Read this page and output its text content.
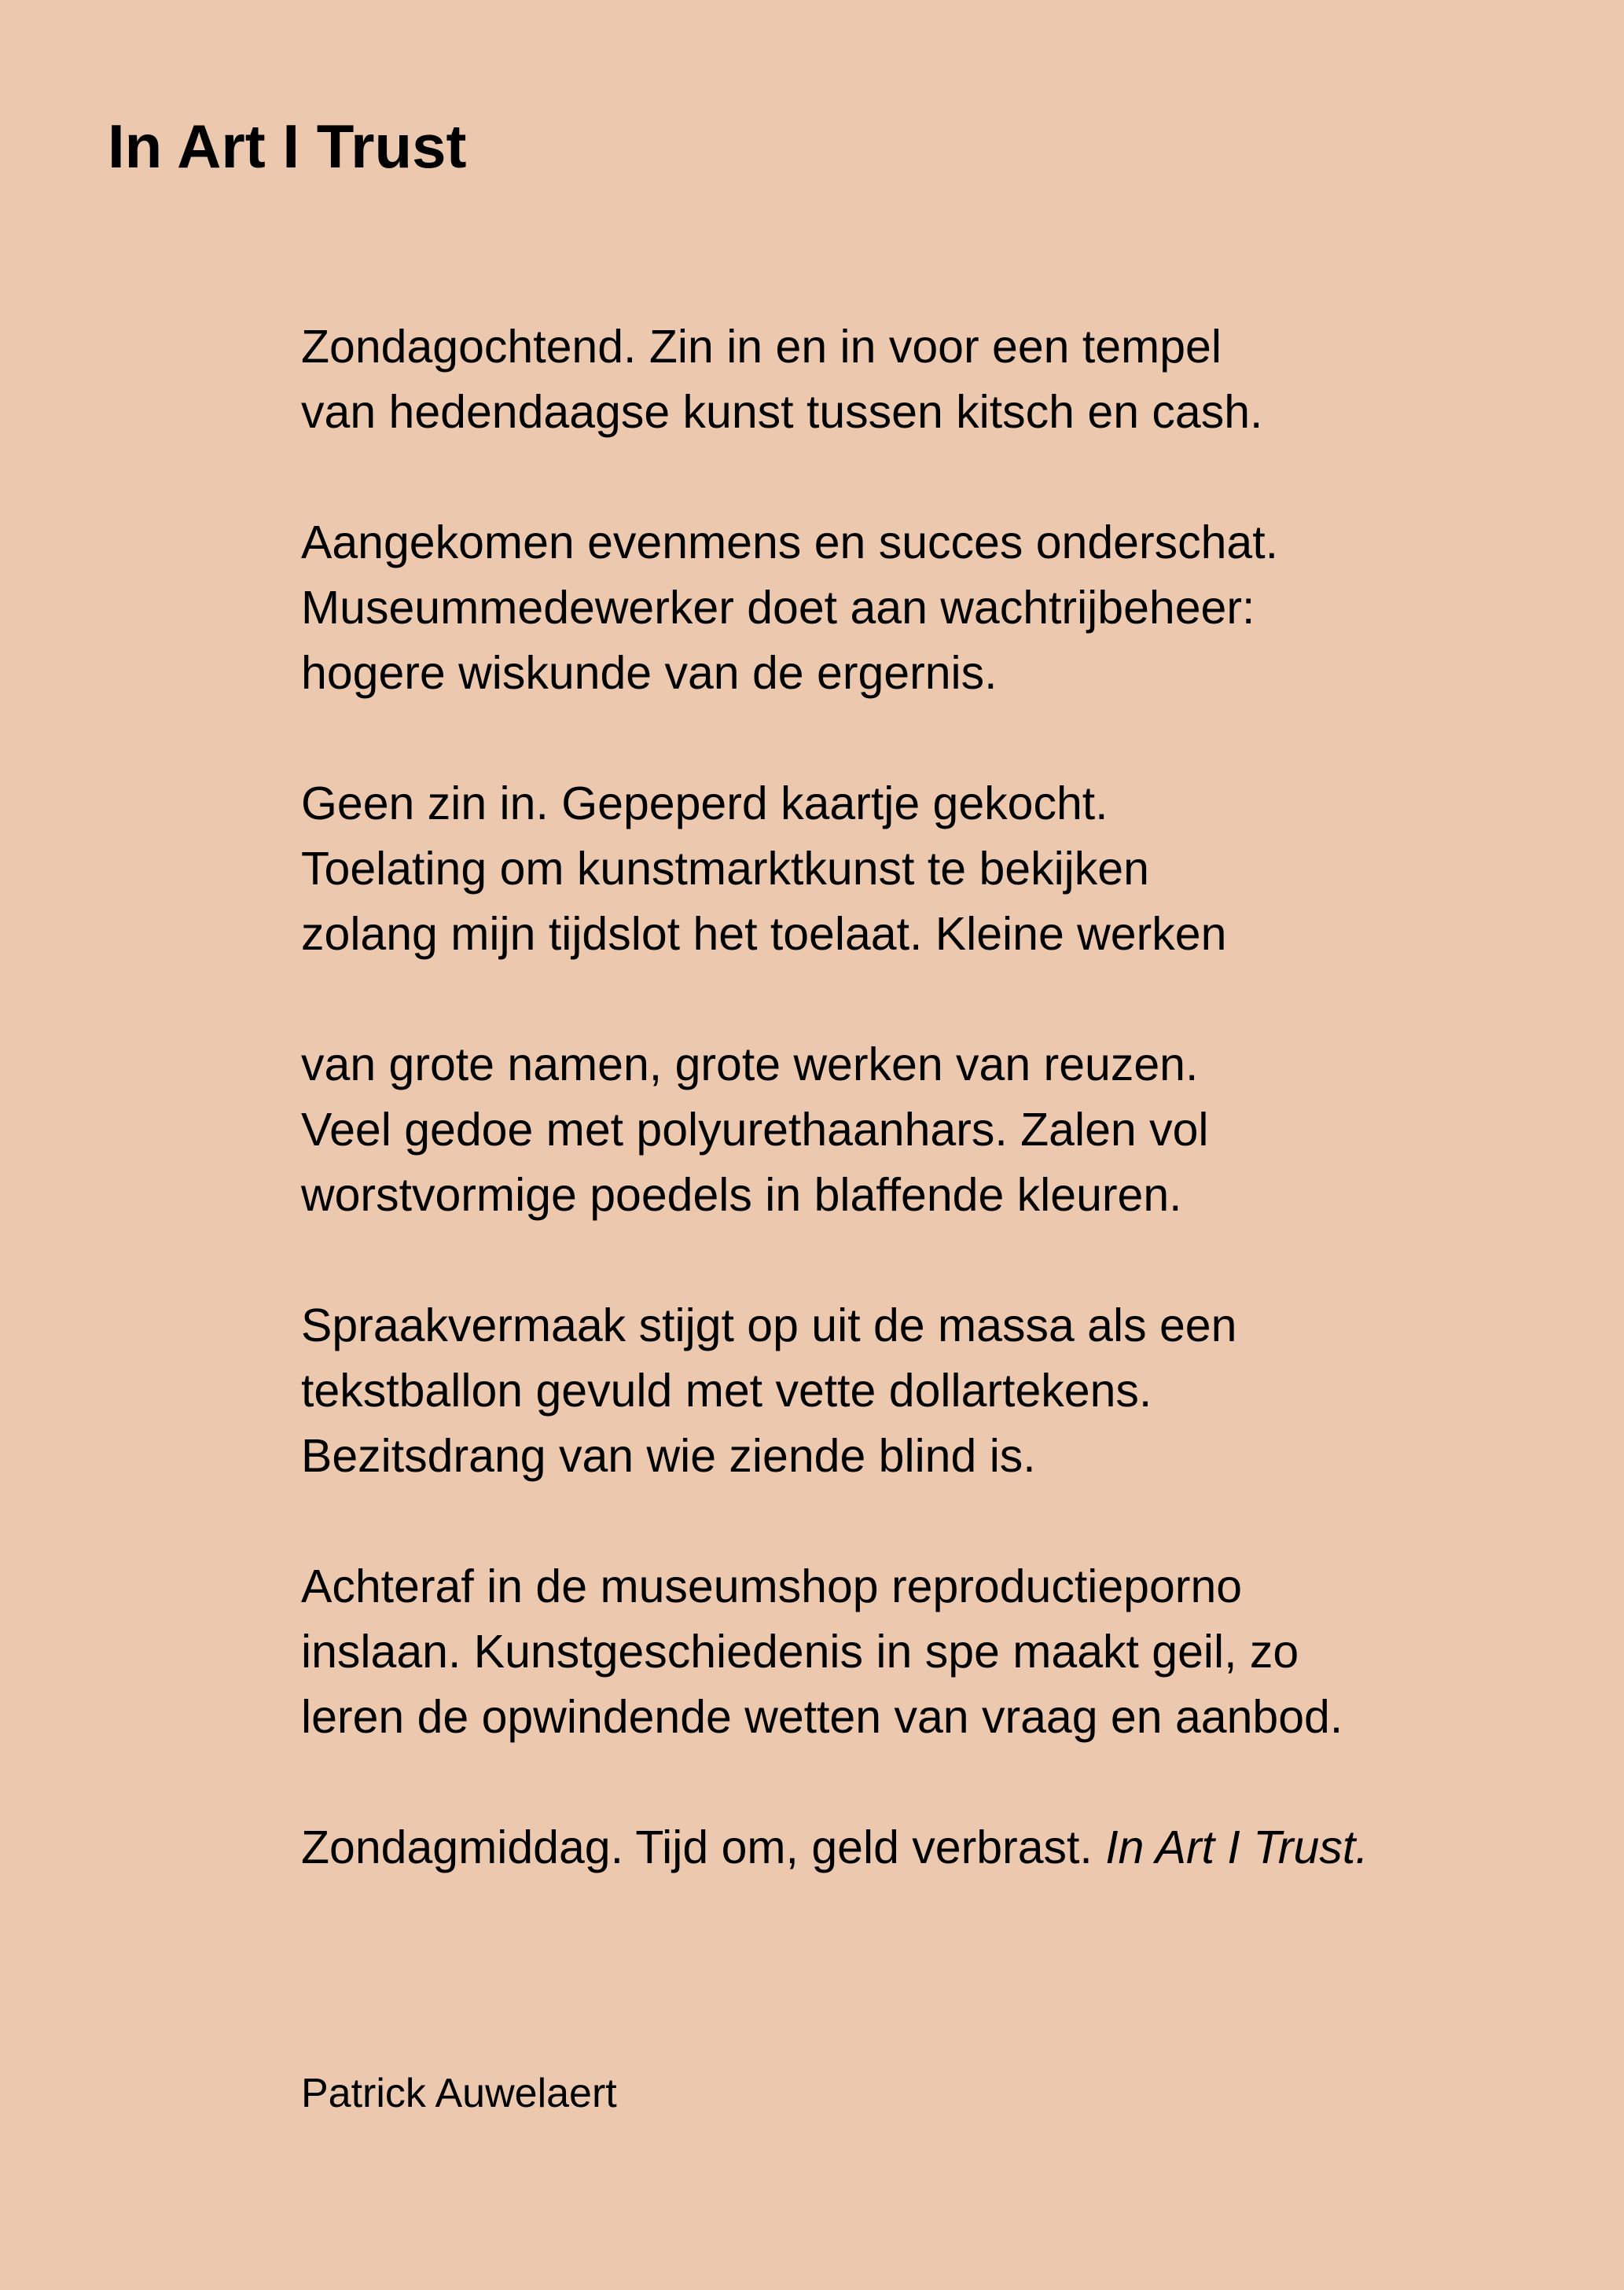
In Art I Trust
Zondagochtend. Zin in en in voor een tempel
van hedendaagse kunst tussen kitsch en cash.
Aangekomen evenmens en succes onderschat.
Museummedewerker doet aan wachtrijbeheer:
hogere wiskunde van de ergernis.
Geen zin in. Gepeperd kaartje gekocht.
Toelating om kunstmarktkunst te bekijken
zolang mijn tijdslot het toelaat. Kleine werken
van grote namen, grote werken van reuzen.
Veel gedoe met polyurethaanhars. Zalen vol
worstvormige poedels in blaffende kleuren.
Spraakvermaak stijgt op uit de massa als een
tekstballon gevuld met vette dollartekens.
Bezitsdrang van wie ziende blind is.
Achteraf in de museumshop reproductieporno
inslaan. Kunstgeschiedenis in spe maakt geil, zo
leren de opwindende wetten van vraag en aanbod.
Zondagmiddag. Tijd om, geld verbrast. In Art I Trust.
Patrick Auwelaert
